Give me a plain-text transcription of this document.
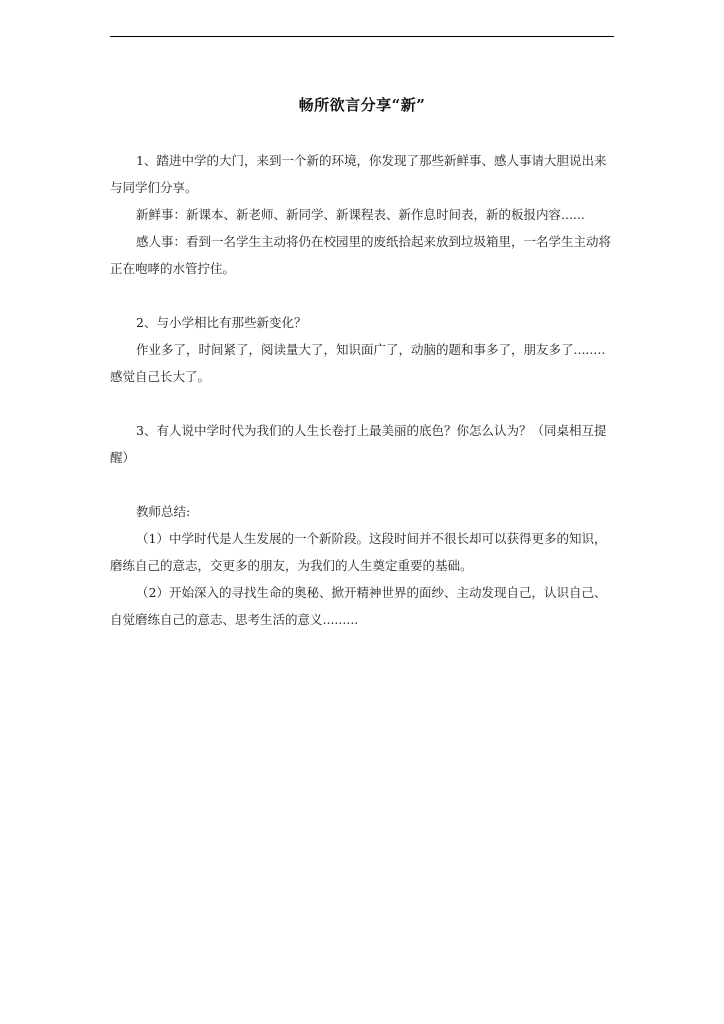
畅所欲言分享“新”

1、踏进中学的大门，来到一个新的环境，你发现了那些新鲜事、感人事请大胆说出来与同学们分享。

新鲜事：新课本、新老师、新同学、新课程表、新作息时间表，新的板报内容......

感人事：看到一名学生主动将仍在校园里的废纸拾起来放到垃圾箱里，一名学生主动将正在咆哮的水管拧住。

2、与小学相比有那些新变化？

作业多了，时间紧了，阅读量大了，知识面广了，动脑的题和事多了，朋友多了........感觉自己长大了。

3、有人说中学时代为我们的人生长卷打上最美丽的底色？你怎么认为？（同桌相互提醒）

教师总结:

（1）中学时代是人生发展的一个新阶段。这段时间并不很长却可以获得更多的知识，磨练自己的意志，交更多的朋友，为我们的人生奠定重要的基础。

（2）开始深入的寻找生命的奥秘、掀开精神世界的面纱、主动发现自己，认识自己、自觉磨练自己的意志、思考生活的意义.........
